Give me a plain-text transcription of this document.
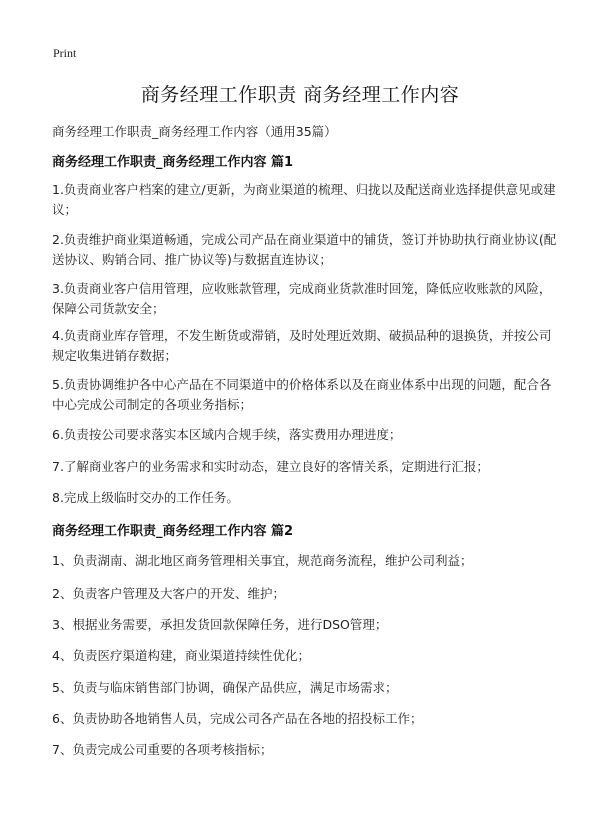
Print
商务经理工作职责 商务经理工作内容

商务经理工作职责_商务经理工作内容（通用35篇）

商务经理工作职责_商务经理工作内容 篇1

1.负责商业客户档案的建立/更新，为商业渠道的梳理、归拢以及配送商业选择提供意见或建议；

2.负责维护商业渠道畅通，完成公司产品在商业渠道中的铺货，签订并协助执行商业协议(配送协议、购销合同、推广协议等)与数据直连协议；

3.负责商业客户信用管理，应收账款管理，完成商业货款准时回笼，降低应收账款的风险，保障公司货款安全；

4.负责商业库存管理，不发生断货或滞销，及时处理近效期、破损品种的退换货，并按公司规定收集进销存数据；

5.负责协调维护各中心产品在不同渠道中的价格体系以及在商业体系中出现的问题，配合各中心完成公司制定的各项业务指标；

6.负责按公司要求落实本区域内合规手续，落实费用办理进度；

7.了解商业客户的业务需求和实时动态，建立良好的客情关系，定期进行汇报；

8.完成上级临时交办的工作任务。

商务经理工作职责_商务经理工作内容 篇2

1、负责湖南、湖北地区商务管理相关事宜，规范商务流程，维护公司利益；

2、负责客户管理及大客户的开发、维护；

3、根据业务需要，承担发货回款保障任务，进行DSO管理；

4、负责医疗渠道构建，商业渠道持续性优化；

5、负责与临床销售部门协调，确保产品供应，满足市场需求；

6、负责协助各地销售人员，完成公司各产品在各地的招投标工作；

7、负责完成公司重要的各项考核指标；
